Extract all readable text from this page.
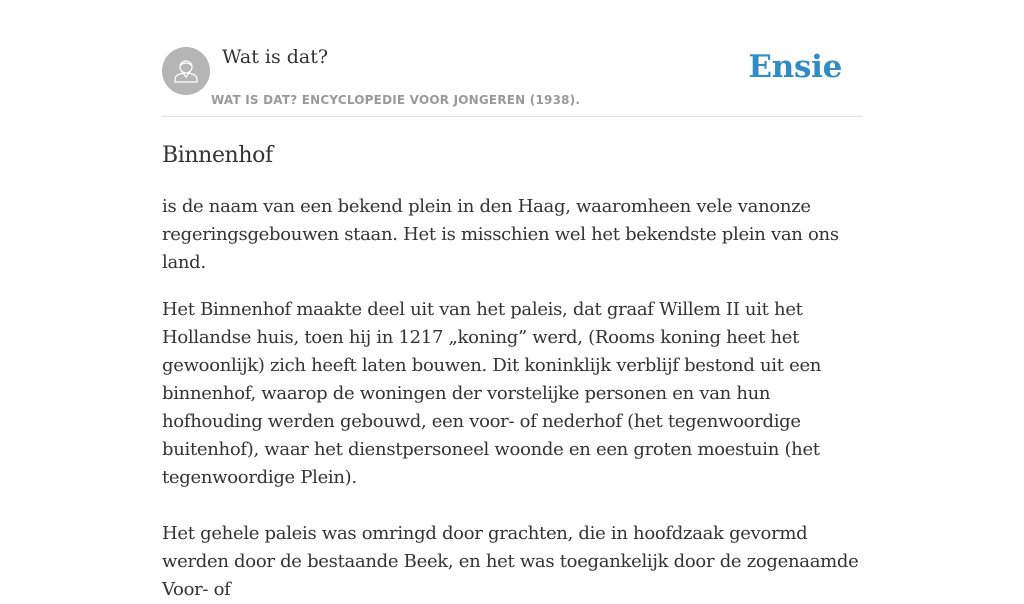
Wat is dat?
WAT IS DAT? ENCYCLOPEDIE VOOR JONGEREN (1938).
Ensie
Binnenhof

is de naam van een bekend plein in den Haag, waaromheen vele vanonze regeringsgebouwen staan. Het is misschien wel het bekendste plein van ons land.

Het Binnenhof maakte deel uit van het paleis, dat graaf Willem II uit het Hollandse huis, toen hij in 1217 „koning” werd, (Rooms koning heet het gewoonlijk) zich heeft laten bouwen. Dit koninklijk verblijf bestond uit een binnenhof, waarop de woningen der vorstelijke personen en van hun hofhouding werden gebouwd, een voor- of nederhof (het tegenwoordige buitenhof), waar het dienstpersoneel woonde en een groten moestuin (het tegenwoordige Plein).

Het gehele paleis was omringd door grachten, die in hoofdzaak gevormd werden door de bestaande Beek, en het was toegankelijk door de zogenaamde Voor- of
